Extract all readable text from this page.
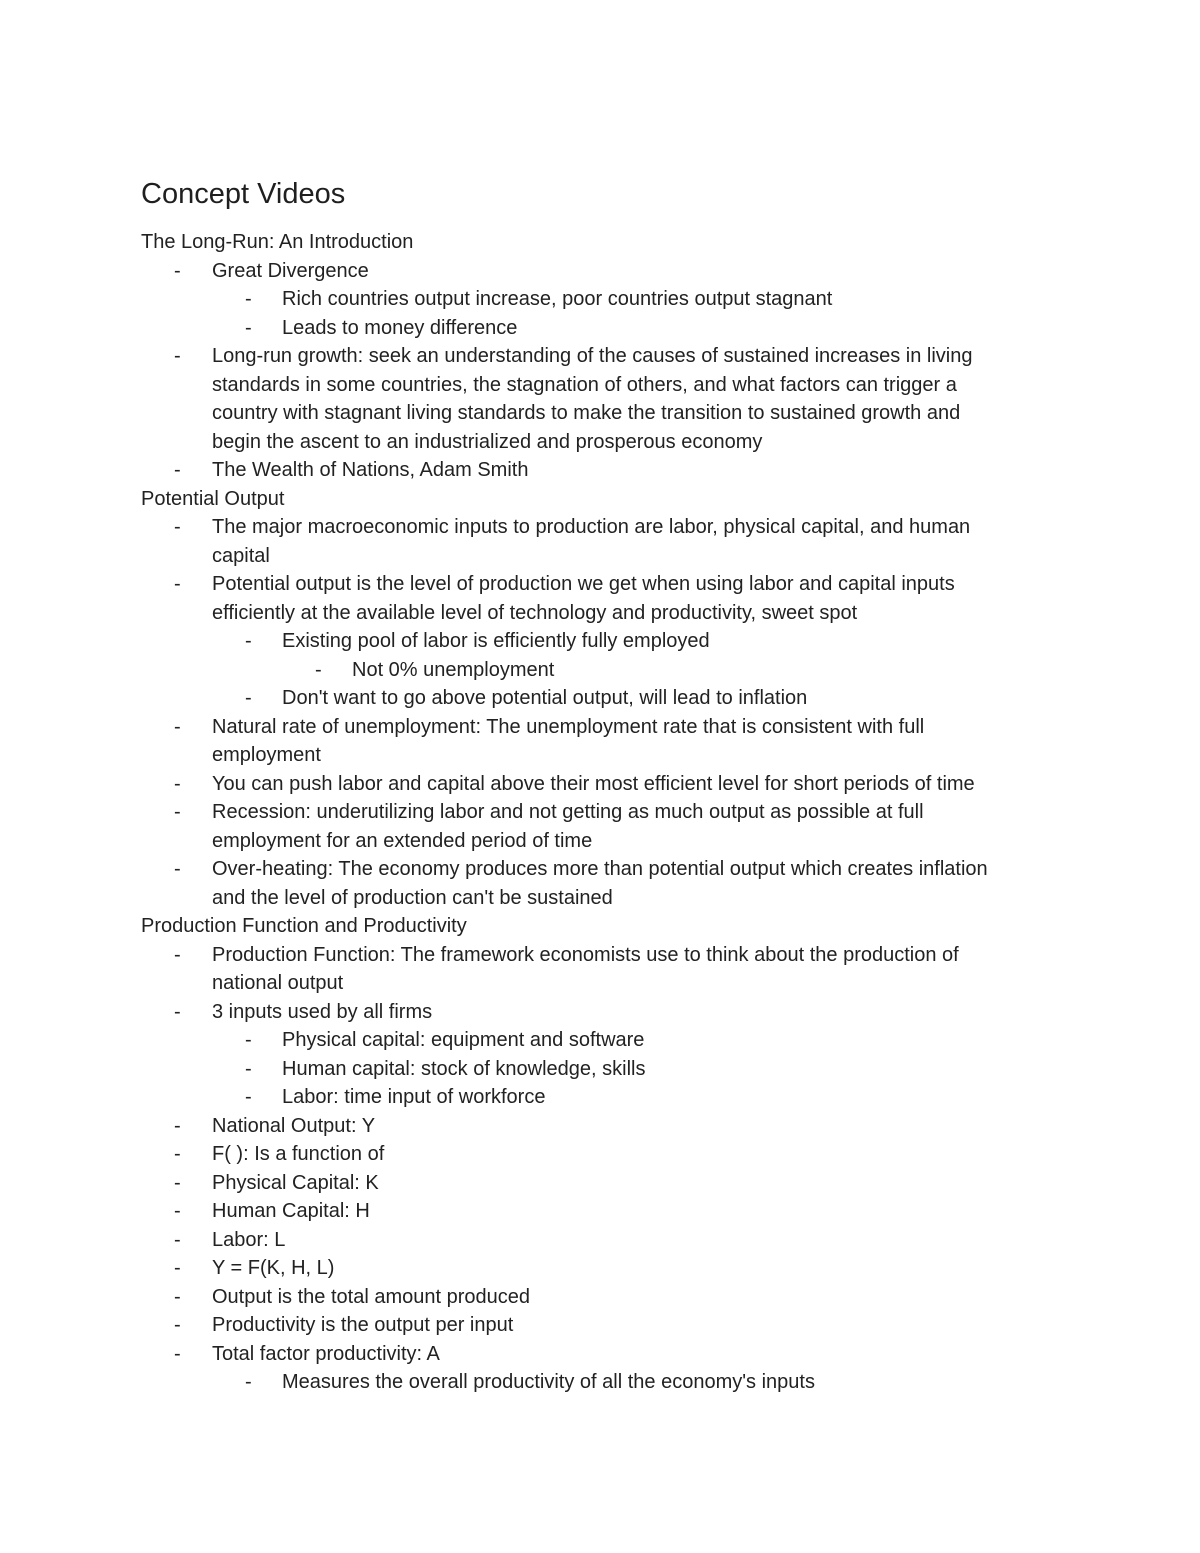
Concept Videos
The Long-Run: An Introduction
- Great Divergence
- Rich countries output increase, poor countries output stagnant
- Leads to money difference
- Long-run growth: seek an understanding of the causes of sustained increases in living
standards in some countries, the stagnation of others, and what factors can trigger a
country with stagnant living standards to make the transition to sustained growth and
begin the ascent to an industrialized and prosperous economy
- The Wealth of Nations, Adam Smith
Potential Output
- The major macroeconomic inputs to production are labor, physical capital, and human
capital
- Potential output is the level of production we get when using labor and capital inputs
efficiently at the available level of technology and productivity, sweet spot
- Existing pool of labor is efficiently fully employed
- Not 0% unemployment
- Don't want to go above potential output, will lead to inflation
- Natural rate of unemployment: The unemployment rate that is consistent with full
employment
- You can push labor and capital above their most efficient level for short periods of time
- Recession: underutilizing labor and not getting as much output as possible at full
employment for an extended period of time
- Over-heating: The economy produces more than potential output which creates inflation
and the level of production can't be sustained
Production Function and Productivity
- Production Function: The framework economists use to think about the production of
national output
- 3 inputs used by all firms
- Physical capital: equipment and software
- Human capital: stock of knowledge, skills
- Labor: time input of workforce
- National Output: Y
- F( ): Is a function of
- Physical Capital: K
- Human Capital: H
- Labor: L
- Y = F(K, H, L)
- Output is the total amount produced
- Productivity is the output per input
- Total factor productivity: A
- Measures the overall productivity of all the economy's inputs
